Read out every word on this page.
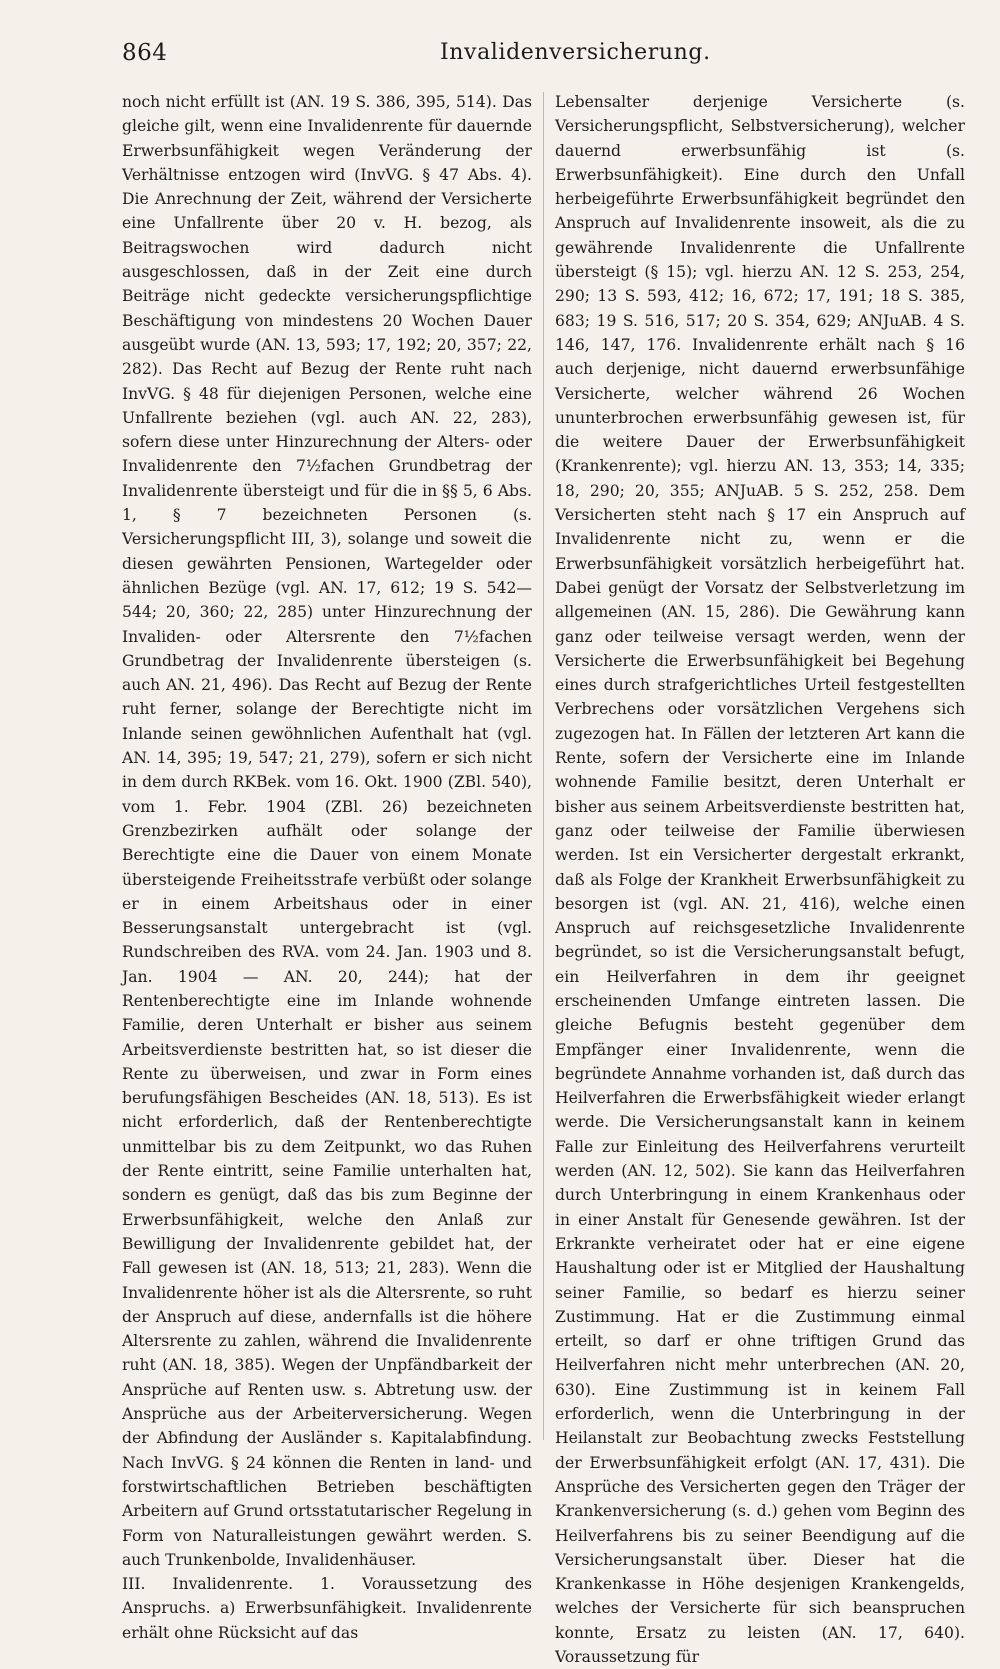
864	Invalidenversicherung.

noch nicht erfüllt ist (AN. 19 S. 386, 395, 514). Das gleiche gilt, wenn eine Invalidenrente für dauernde Erwerbsunfähigkeit wegen Veränderung der Verhältnisse entzogen wird (InvVG. § 47 Abs. 4). Die Anrechnung der Zeit, während der Versicherte eine Unfallrente über 20 v. H. bezog, als Beitragswochen wird dadurch nicht ausgeschlossen, daß in der Zeit eine durch Beiträge nicht gedeckte versicherungspflichtige Beschäftigung von mindestens 20 Wochen Dauer ausgeübt wurde (AN. 13, 593; 17, 192; 20, 357; 22, 282). Das Recht auf Bezug der Rente ruht nach InvVG. § 48 für diejenigen Personen, welche eine Unfallrente beziehen (vgl. auch AN. 22, 283), sofern diese unter Hinzurechnung der Alters- oder Invalidenrente den 7½fachen Grundbetrag der Invalidenrente übersteigt und für die in §§ 5, 6 Abs. 1, § 7 bezeichneten Personen (s. Versicherungspflicht III, 3), solange und soweit die diesen gewährten Pensionen, Wartegelder oder ähnlichen Bezüge (vgl. AN. 17, 612; 19 S. 542—544; 20, 360; 22, 285) unter Hinzurechnung der Invaliden- oder Altersrente den 7½fachen Grundbetrag der Invalidenrente übersteigen (s. auch AN. 21, 496). Das Recht auf Bezug der Rente ruht ferner, solange der Berechtigte nicht im Inlande seinen gewöhnlichen Aufenthalt hat (vgl. AN. 14, 395; 19, 547; 21, 279), sofern er sich nicht in dem durch RKBek. vom 16. Okt. 1900 (ZBl. 540), vom 1. Febr. 1904 (ZBl. 26) bezeichneten Grenzbezirken aufhält oder solange der Berechtigte eine die Dauer von einem Monate übersteigende Freiheitsstrafe verbüßt oder solange er in einem Arbeitshaus oder in einer Besserungsanstalt untergebracht ist (vgl. Rundschreiben des RVA. vom 24. Jan. 1903 und 8. Jan. 1904 — AN. 20, 244); hat der Rentenberechtigte eine im Inlande wohnende Familie, deren Unterhalt er bisher aus seinem Arbeitsverdienste bestritten hat, so ist dieser die Rente zu überweisen, und zwar in Form eines berufungsfähigen Bescheides (AN. 18, 513). Es ist nicht erforderlich, daß der Rentenberechtigte unmittelbar bis zu dem Zeitpunkt, wo das Ruhen der Rente eintritt, seine Familie unterhalten hat, sondern es genügt, daß das bis zum Beginne der Erwerbsunfähigkeit, welche den Anlaß zur Bewilligung der Invalidenrente gebildet hat, der Fall gewesen ist (AN. 18, 513; 21, 283). Wenn die Invalidenrente höher ist als die Altersrente, so ruht der Anspruch auf diese, andernfalls ist die höhere Altersrente zu zahlen, während die Invalidenrente ruht (AN. 18, 385). Wegen der Unpfändbarkeit der Ansprüche auf Renten usw. s. Abtretung usw. der Ansprüche aus der Arbeiterversicherung. Wegen der Abfindung der Ausländer s. Kapitalabfindung. Nach InvVG. § 24 können die Renten in land- und forstwirtschaftlichen Betrieben beschäftigten Arbeitern auf Grund ortsstatutarischer Regelung in Form von Naturalleistungen gewährt werden. S. auch Trunkenbolde, Invalidenhäuser.

III. Invalidenrente. 1. Voraussetzung des Anspruchs. a) Erwerbsunfähigkeit. Invalidenrente erhält ohne Rücksicht auf das

Lebensalter derjenige Versicherte (s. Versicherungspflicht, Selbstversicherung), welcher dauernd erwerbsunfähig ist (s. Erwerbsunfähigkeit). Eine durch den Unfall herbeigeführte Erwerbsunfähigkeit begründet den Anspruch auf Invalidenrente insoweit, als die zu gewährende Invalidenrente die Unfallrente übersteigt (§ 15); vgl. hierzu AN. 12 S. 253, 254, 290; 13 S. 593, 412; 16, 672; 17, 191; 18 S. 385, 683; 19 S. 516, 517; 20 S. 354, 629; ANJuAB. 4 S. 146, 147, 176. Invalidenrente erhält nach § 16 auch derjenige, nicht dauernd erwerbsunfähige Versicherte, welcher während 26 Wochen ununterbrochen erwerbsunfähig gewesen ist, für die weitere Dauer der Erwerbsunfähigkeit (Krankenrente); vgl. hierzu AN. 13, 353; 14, 335; 18, 290; 20, 355; ANJuAB. 5 S. 252, 258. Dem Versicherten steht nach § 17 ein Anspruch auf Invalidenrente nicht zu, wenn er die Erwerbsunfähigkeit vorsätzlich herbeigeführt hat. Dabei genügt der Vorsatz der Selbstverletzung im allgemeinen (AN. 15, 286). Die Gewährung kann ganz oder teilweise versagt werden, wenn der Versicherte die Erwerbsunfähigkeit bei Begehung eines durch strafgerichtliches Urteil festgestellten Verbrechens oder vorsätzlichen Vergehens sich zugezogen hat. In Fällen der letzteren Art kann die Rente, sofern der Versicherte eine im Inlande wohnende Familie besitzt, deren Unterhalt er bisher aus seinem Arbeitsverdienste bestritten hat, ganz oder teilweise der Familie überwiesen werden. Ist ein Versicherter dergestalt erkrankt, daß als Folge der Krankheit Erwerbsunfähigkeit zu besorgen ist (vgl. AN. 21, 416), welche einen Anspruch auf reichsgesetzliche Invalidenrente begründet, so ist die Versicherungsanstalt befugt, ein Heilverfahren in dem ihr geeignet erscheinenden Umfange eintreten lassen. Die gleiche Befugnis besteht gegenüber dem Empfänger einer Invalidenrente, wenn die begründete Annahme vorhanden ist, daß durch das Heilverfahren die Erwerbsfähigkeit wieder erlangt werde. Die Versicherungsanstalt kann in keinem Falle zur Einleitung des Heilverfahrens verurteilt werden (AN. 12, 502). Sie kann das Heilverfahren durch Unterbringung in einem Krankenhaus oder in einer Anstalt für Genesende gewähren. Ist der Erkrankte verheiratet oder hat er eine eigene Haushaltung oder ist er Mitglied der Haushaltung seiner Familie, so bedarf es hierzu seiner Zustimmung. Hat er die Zustimmung einmal erteilt, so darf er ohne triftigen Grund das Heilverfahren nicht mehr unterbrechen (AN. 20, 630). Eine Zustimmung ist in keinem Fall erforderlich, wenn die Unterbringung in der Heilanstalt zur Beobachtung zwecks Feststellung der Erwerbsunfähigkeit erfolgt (AN. 17, 431). Die Ansprüche des Versicherten gegen den Träger der Krankenversicherung (s. d.) gehen vom Beginn des Heilverfahrens bis zu seiner Beendigung auf die Versicherungsanstalt über. Dieser hat die Krankenkasse in Höhe desjenigen Krankengelds, welches der Versicherte für sich beanspruchen konnte, Ersatz zu leisten (AN. 17, 640). Voraussetzung für
